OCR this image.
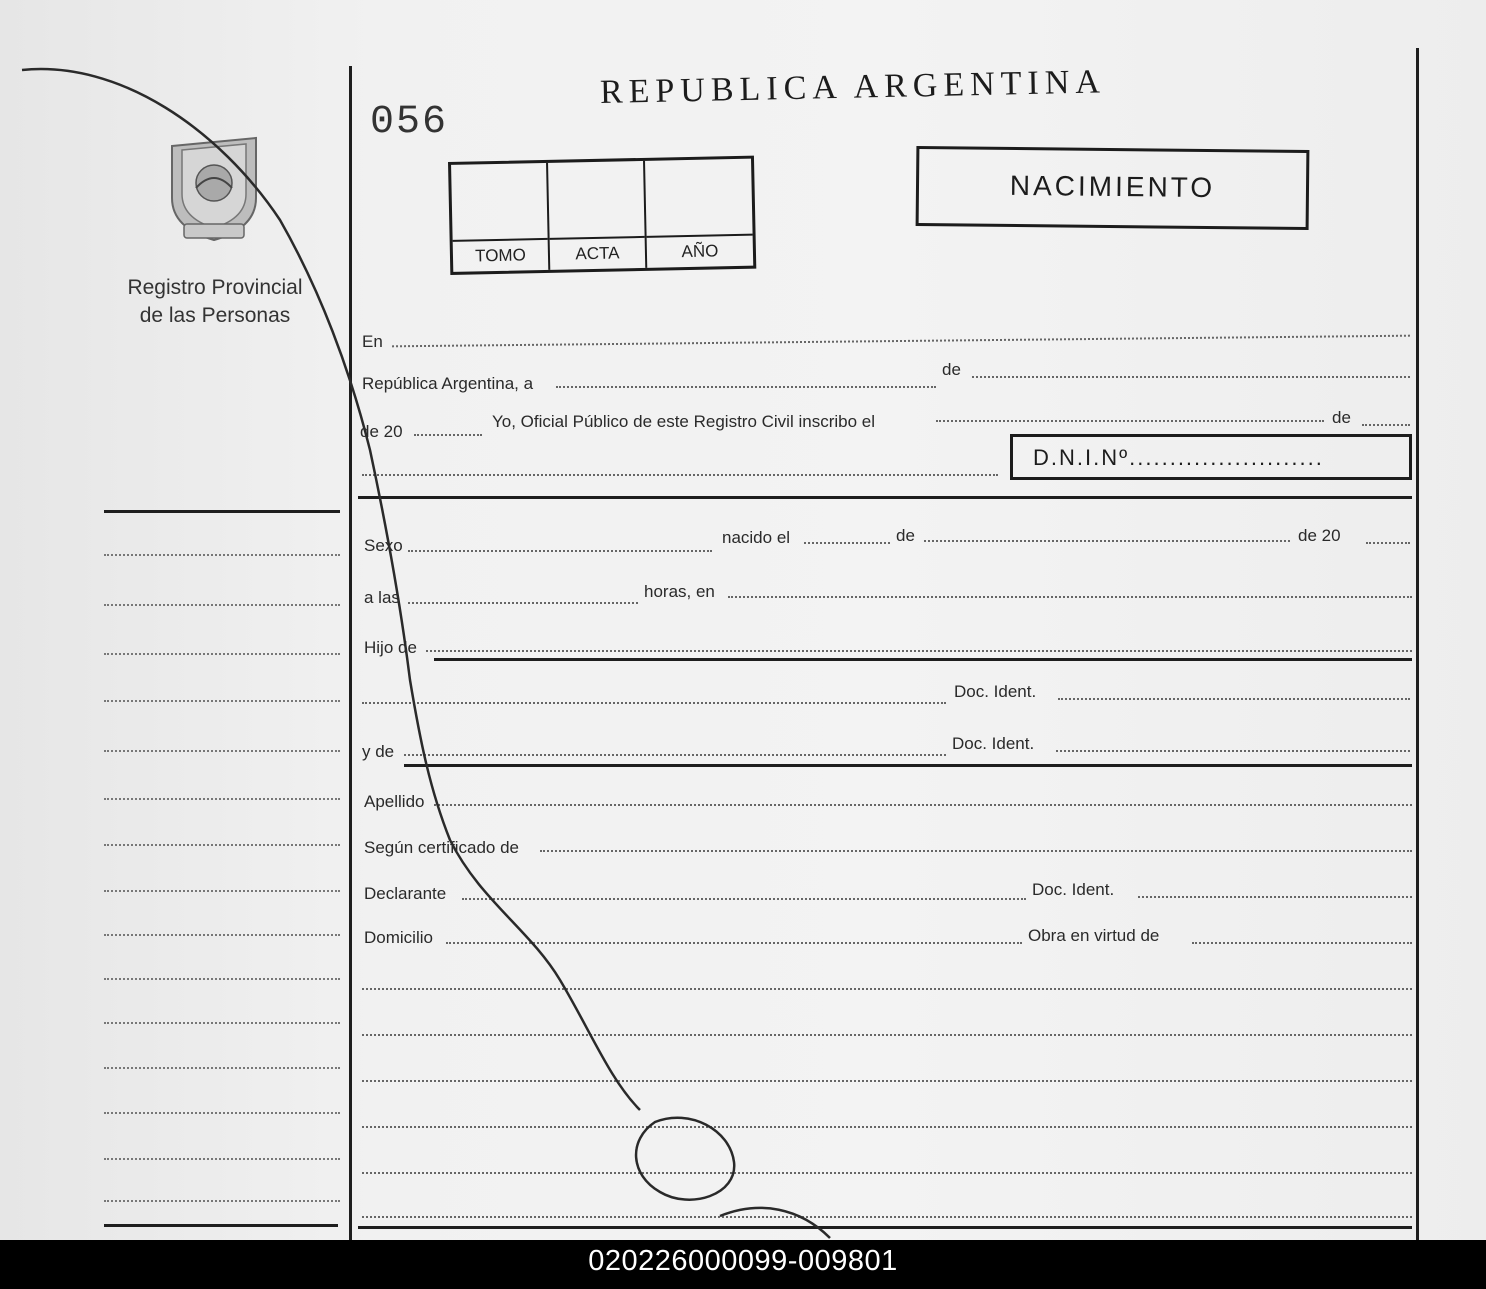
Registro Provincial
de las Personas
056
REPUBLICA ARGENTINA
TOMO	ACTA	AÑO
NACIMIENTO
En
República Argentina, a
de
de 20
Yo, Oficial Público de este Registro Civil inscribo el	de
D.N.I.Nº........................
Sexo	nacido el	de	de 20
a las	horas, en
Hijo de
Doc. Ident.
y de	Doc. Ident.
Apellido
Según certificado de
Declarante	Doc. Ident.
Domicilio	Obra en virtud de
020226000099-009801
